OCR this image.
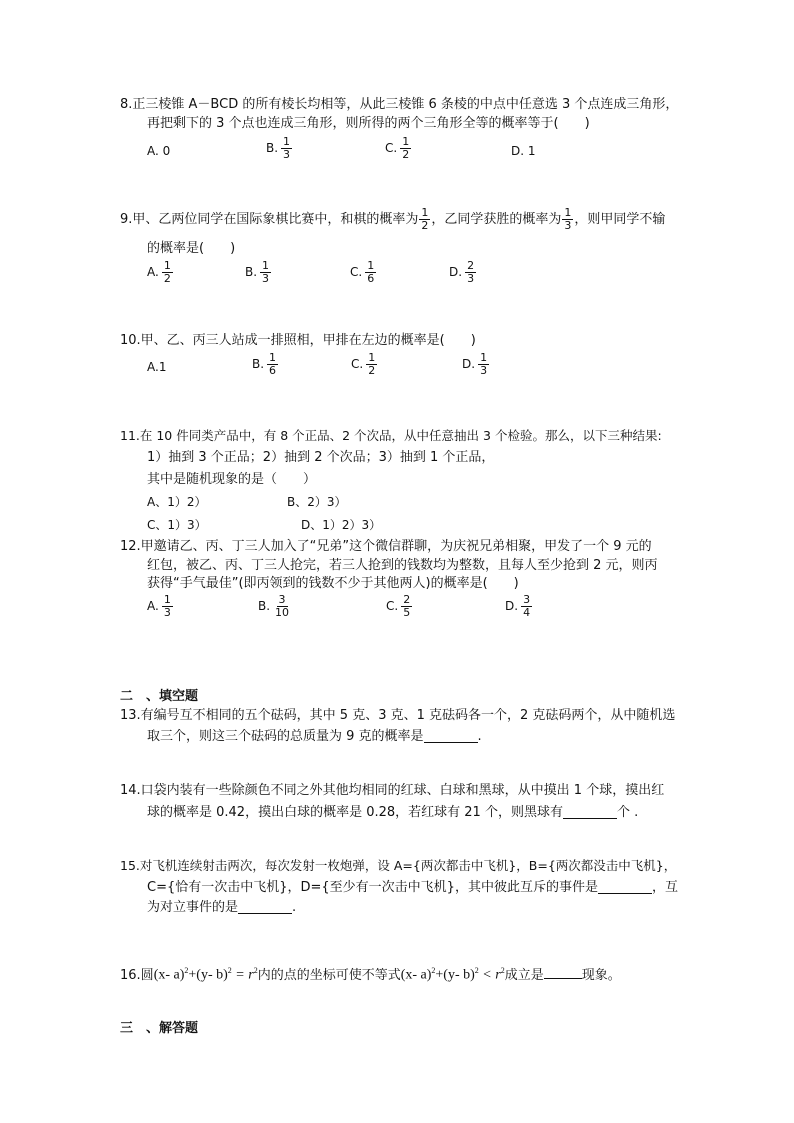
8.正三棱锥 A－BCD 的所有棱长均相等，从此三棱锥 6 条棱的中点中任意选 3 个点连成三角形，
再把剩下的 3 个点也连成三角形，则所得的两个三角形全等的概率等于(　　)
A. 0	B. $\frac{1}{3}$	C. $\frac{1}{2}$	D. 1
9.甲、乙两位同学在国际象棋比赛中，和棋的概率为 $\frac{1}{2}$ ，乙同学获胜的概率为 $\frac{1}{3}$ ，则甲同学不输
的概率是(　　)
A. $\frac{1}{2}$	B. $\frac{1}{3}$	C. $\frac{1}{6}$	D. $\frac{2}{3}$
10.甲、乙、丙三人站成一排照相，甲排在左边的概率是(　　)
A.1	B. $\frac{1}{6}$	C. $\frac{1}{2}$	D. $\frac{1}{3}$
11.在 10 件同类产品中，有 8 个正品、2 个次品，从中任意抽出 3 个检验。那么，以下三种结果:
1）抽到 3 个正品；2）抽到 2 个次品；3）抽到 1 个正品，
其中是随机现象的是（　　）
A、1）2）	B、2）3）
C、1）3）	D、1）2）3）
12.甲邀请乙、丙、丁三人加入了“兄弟”这个微信群聊，为庆祝兄弟相聚，甲发了一个 9 元的
红包，被乙、丙、丁三人抢完，若三人抢到的钱数均为整数，且每人至少抢到 2 元，则丙
获得“手气最佳”(即丙领到的钱数不少于其他两人)的概率是(　　)
A. $\frac{1}{3}$	B. $\frac{3}{10}$	C. $\frac{2}{5}$	D. $\frac{3}{4}$
二　、填空题
13.有编号互不相同的五个砝码，其中 5 克、3 克、1 克砝码各一个，2 克砝码两个，从中随机选
取三个，则这三个砝码的总质量为 9 克的概率是	.
14.口袋内装有一些除颜色不同之外其他均相同的红球、白球和黑球，从中摸出 1 个球，摸出红
球的概率是 0.42，摸出白球的概率是 0.28，若红球有 21 个，则黑球有	个 .
15.对飞机连续射击两次，每次发射一枚炮弹，设 A={两次都击中飞机}，B={两次都没击中飞机}，
C={恰有一次击中飞机}，D={至少有一次击中飞机}，其中彼此互斥的事件是	，互
为对立事件的是	.
16.圆 (x- a)$^2$+(y- $b)^2 = r^2$ 内的点的坐标可使不等式 (x- a)$^2$+(y- $b)^2 < r^2$ 成立是	现象。
三　、解答题
